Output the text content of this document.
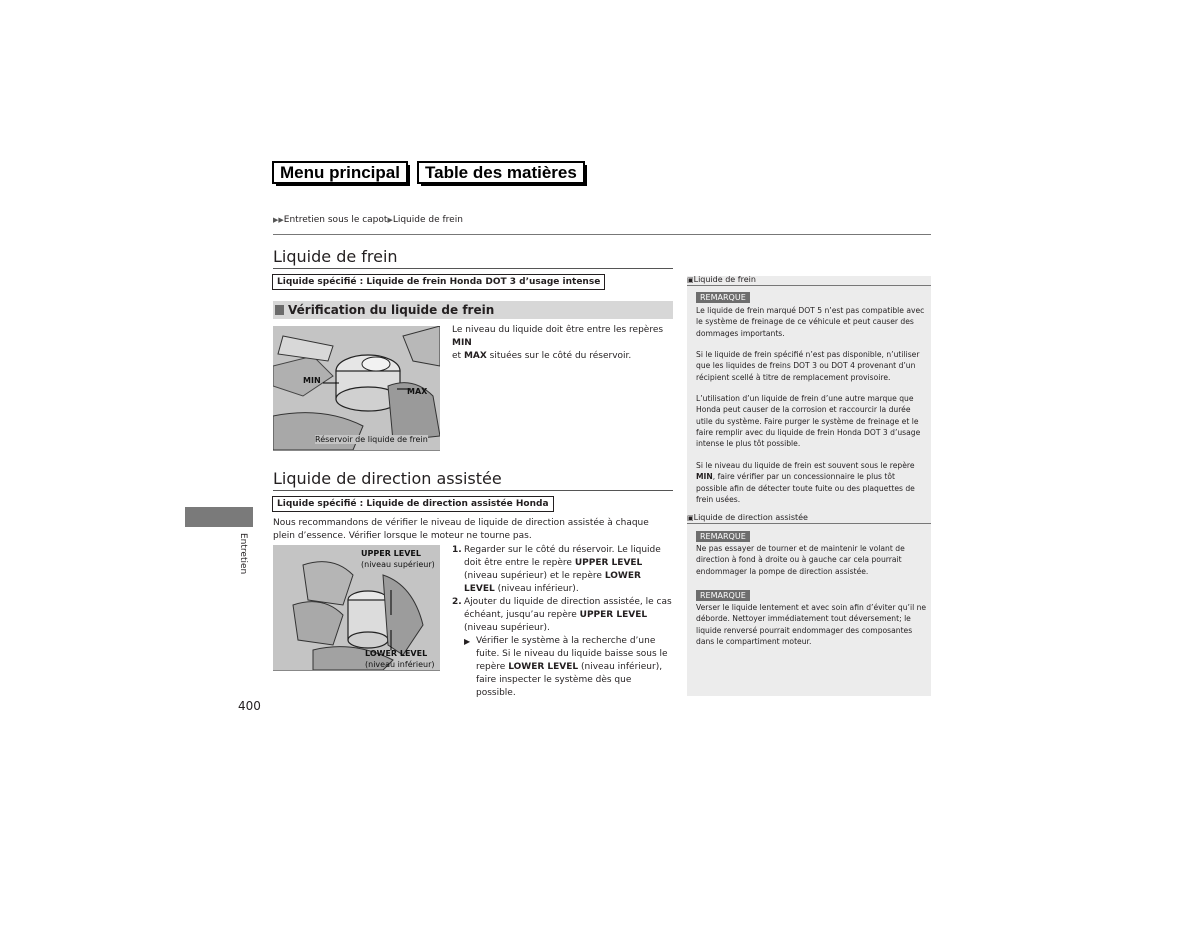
Menu principal	Table des matières
▶▶Entretien sous le capot▶Liquide de frein
Liquide de frein
Liquide spécifié : Liquide de frein Honda DOT 3 d’usage intense
Vérification du liquide de frein
MIN
MAX
Réservoir de liquide de frein
Le niveau du liquide doit être entre les repères MIN
et MAX situées sur le côté du réservoir.
Liquide de direction assistée
Liquide spécifié : Liquide de direction assistée Honda
Nous recommandons de vérifier le niveau de liquide de direction assistée à chaque plein d’essence. Vérifier lorsque le moteur ne tourne pas.
UPPER LEVEL
(niveau supérieur)
LOWER LEVEL
(niveau inférieur)
1. Regarder sur le côté du réservoir. Le liquide doit être entre le repère UPPER LEVEL (niveau supérieur) et le repère LOWER LEVEL (niveau inférieur).
2. Ajouter du liquide de direction assistée, le cas échéant, jusqu’au repère UPPER LEVEL (niveau supérieur).
▶ Vérifier le système à la recherche d’une fuite. Si le niveau du liquide baisse sous le repère LOWER LEVEL (niveau inférieur), faire inspecter le système dès que possible.
▣Liquide de frein
REMARQUE
Le liquide de frein marqué DOT 5 n’est pas compatible avec le système de freinage de ce véhicule et peut causer des dommages importants.
Si le liquide de frein spécifié n’est pas disponible, n’utiliser que les liquides de freins DOT 3 ou DOT 4 provenant d’un récipient scellé à titre de remplacement provisoire.
L’utilisation d’un liquide de frein d’une autre marque que Honda peut causer de la corrosion et raccourcir la durée utile du système. Faire purger le système de freinage et le faire remplir avec du liquide de frein Honda DOT 3 d’usage intense le plus tôt possible.
Si le niveau du liquide de frein est souvent sous le repère MIN, faire vérifier par un concessionnaire le plus tôt possible afin de détecter toute fuite ou des plaquettes de frein usées.
▣Liquide de direction assistée
REMARQUE
Ne pas essayer de tourner et de maintenir le volant de direction à fond à droite ou à gauche car cela pourrait endommager la pompe de direction assistée.
REMARQUE
Verser le liquide lentement et avec soin afin d’éviter qu’il ne déborde. Nettoyer immédiatement tout déversement; le liquide renversé pourrait endommager des composantes dans le compartiment moteur.
Entretien
400
